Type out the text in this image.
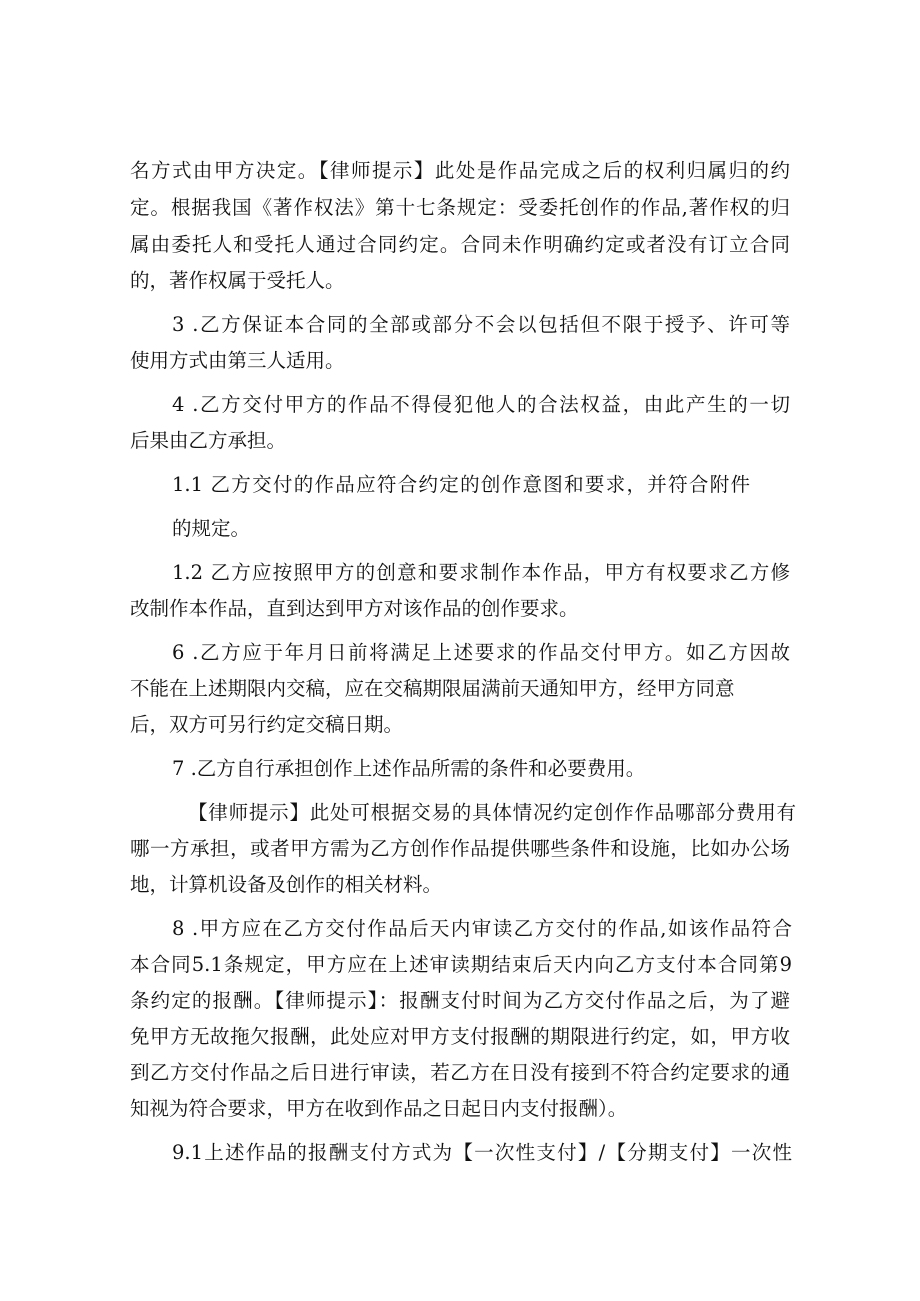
名方式由甲方决定。【律师提示】此处是作品完成之后的权利归属归的约

定。根据我国《著作权法》第十七条规定：受委托创作的作品,著作权的归

属由委托人和受托人通过合同约定。合同未作明确约定或者没有订立合同

的，著作权属于受托人。

3 .乙方保证本合同的全部或部分不会以包括但不限于授予、许可等

使用方式由第三人适用。

4 .乙方交付甲方的作品不得侵犯他人的合法权益，由此产生的一切

后果由乙方承担。

1.1 乙方交付的作品应符合约定的创作意图和要求，并符合附件

的规定。

1.2 乙方应按照甲方的创意和要求制作本作品，甲方有权要求乙方修

改制作本作品，直到达到甲方对该作品的创作要求。

6 .乙方应于年月日前将满足上述要求的作品交付甲方。如乙方因故

不能在上述期限内交稿，应在交稿期限届满前天通知甲方，经甲方同意

后，双方可另行约定交稿日期。

7 .乙方自行承担创作上述作品所需的条件和必要费用。

【律师提示】此处可根据交易的具体情况约定创作作品哪部分费用有

哪一方承担，或者甲方需为乙方创作作品提供哪些条件和设施，比如办公场

地，计算机设备及创作的相关材料。

8 .甲方应在乙方交付作品后天内审读乙方交付的作品,如该作品符合

本合同5.1条规定，甲方应在上述审读期结束后天内向乙方支付本合同第9

条约定的报酬。【律师提示】：报酬支付时间为乙方交付作品之后，为了避

免甲方无故拖欠报酬，此处应对甲方支付报酬的期限进行约定，如，甲方收

到乙方交付作品之后日进行审读，若乙方在日没有接到不符合约定要求的通

知视为符合要求，甲方在收到作品之日起日内支付报酬）。

9.1上述作品的报酬支付方式为【一次性支付】/【分期支付】一次性
